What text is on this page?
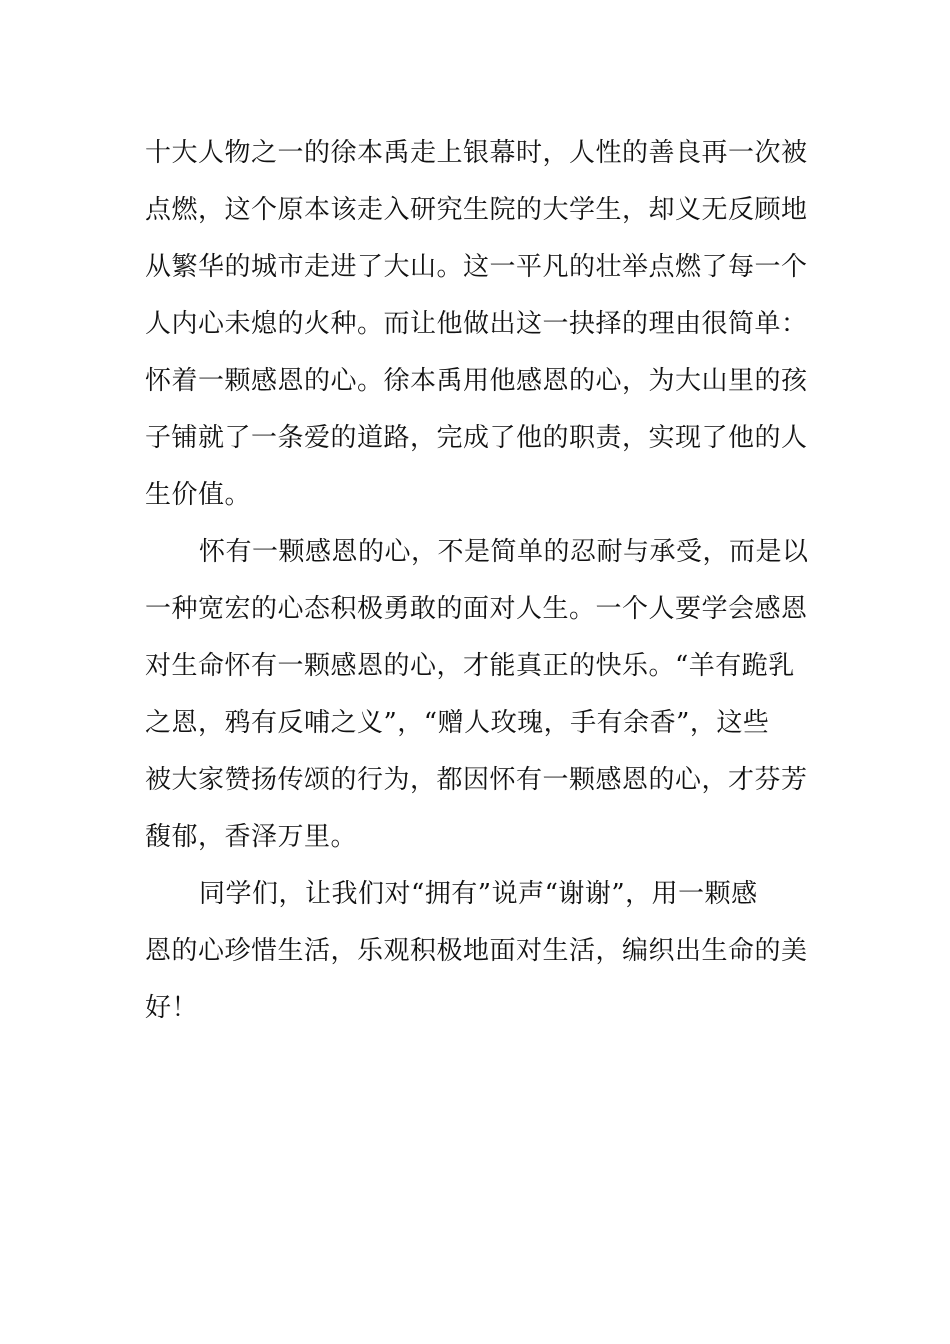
十大人物之一的徐本禹走上银幕时，人性的善良再一次被
点燃，这个原本该走入研究生院的大学生，却义无反顾地
从繁华的城市走进了大山。这一平凡的壮举点燃了每一个
人内心未熄的火种。而让他做出这一抉择的理由很简单：
怀着一颗感恩的心。徐本禹用他感恩的心，为大山里的孩
子铺就了一条爱的道路，完成了他的职责，实现了他的人
生价值。
怀有一颗感恩的心，不是简单的忍耐与承受，而是以
一种宽宏的心态积极勇敢的面对人生。一个人要学会感恩
对生命怀有一颗感恩的心，才能真正的快乐。“羊有跪乳
之恩，鸦有反哺之义”，“赠人玫瑰，手有余香”，这些
被大家赞扬传颂的行为，都因怀有一颗感恩的心，才芬芳
馥郁，香泽万里。
同学们，让我们对“拥有”说声“谢谢”，用一颗感
恩的心珍惜生活，乐观积极地面对生活，编织出生命的美
好！
